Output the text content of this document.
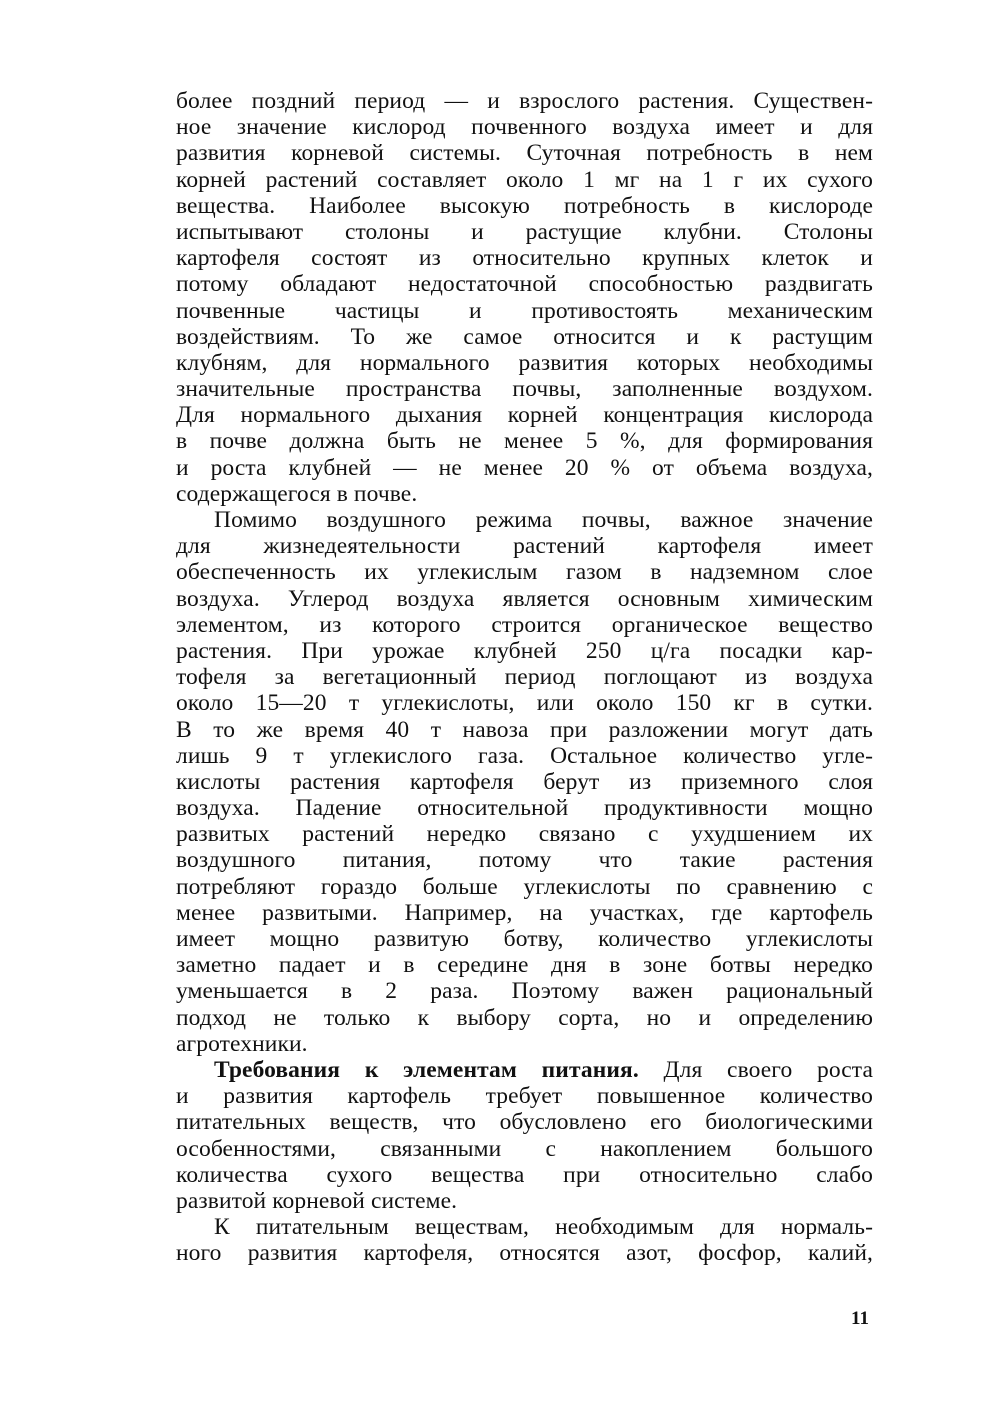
более поздний период — и взрослого растения. Существен-
ное значение кислород почвенного воздуха имеет и для
развития корневой системы. Суточная потребность в нем
корней растений составляет около 1 мг на 1 г их сухого
вещества. Наиболее высокую потребность в кислороде
испытывают столоны и растущие клубни. Столоны
картофеля состоят из относительно крупных клеток и
потому обладают недостаточной способностью раздвигать
почвенные частицы и противостоять механическим
воздействиям. То же самое относится и к растущим
клубням, для нормального развития которых необходимы
значительные пространства почвы, заполненные воздухом.
Для нормального дыхания корней концентрация кислорода
в почве должна быть не менее 5 %, для формирования
и роста клубней — не менее 20 % от объема воздуха,
содержащегося в почве.
Помимо воздушного режима почвы, важное значение
для жизнедеятельности растений картофеля имеет
обеспеченность их углекислым газом в надземном слое
воздуха. Углерод воздуха является основным химическим
элементом, из которого строится органическое вещество
растения. При урожае клубней 250 ц/га посадки кар-
тофеля за вегетационный период поглощают из воздуха
около 15—20 т углекислоты, или около 150 кг в сутки.
В то же время 40 т навоза при разложении могут дать
лишь 9 т углекислого газа. Остальное количество угле-
кислоты растения картофеля берут из приземного слоя
воздуха. Падение относительной продуктивности мощно
развитых растений нередко связано с ухудшением их
воздушного питания, потому что такие растения
потребляют гораздо больше углекислоты по сравнению с
менее развитыми. Например, на участках, где картофель
имеет мощно развитую ботву, количество углекислоты
заметно падает и в середине дня в зоне ботвы нередко
уменьшается в 2 раза. Поэтому важен рациональный
подход не только к выбору сорта, но и определению
агротехники.
Требования к элементам питания. Для своего роста
и развития картофель требует повышенное количество
питательных веществ, что обусловлено его биологическими
особенностями, связанными с накоплением большого
количества сухого вещества при относительно слабо
развитой корневой системе.
К питательным веществам, необходимым для нормаль-
ного развития картофеля, относятся азот, фосфор, калий,
11
